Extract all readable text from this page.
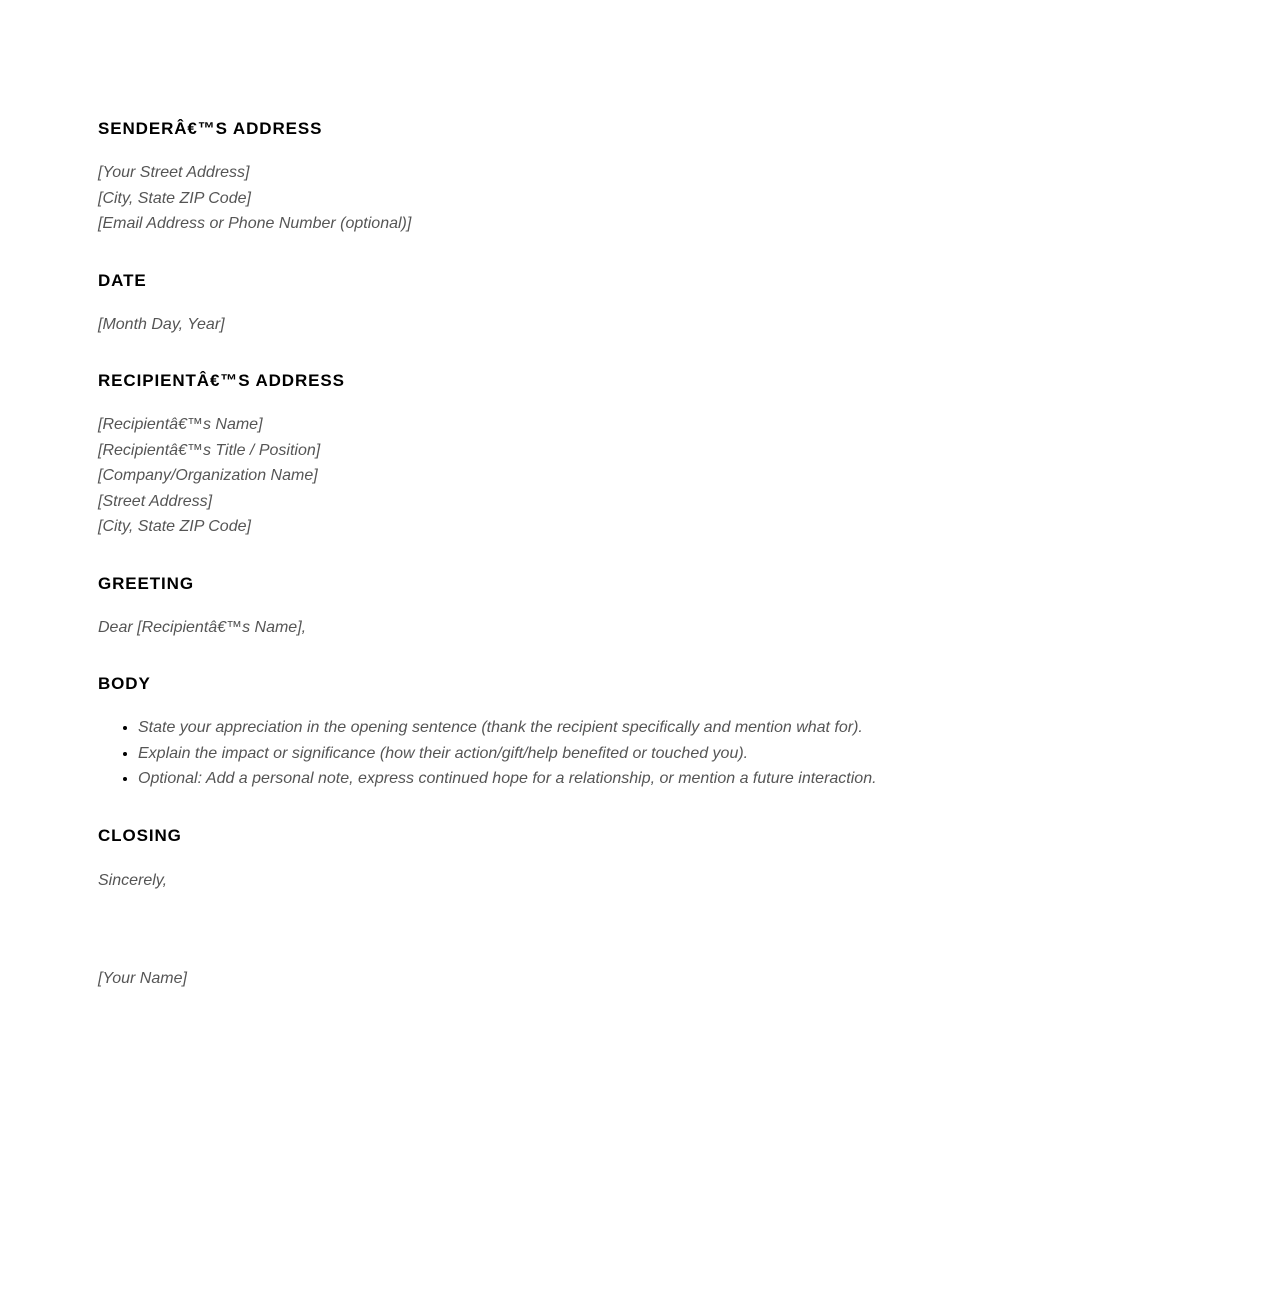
SENDERÂ€™S ADDRESS
[Your Street Address]
[City, State ZIP Code]
[Email Address or Phone Number (optional)]
DATE
[Month Day, Year]
RECIPIENTÂ€™S ADDRESS
[Recipientâ€™s Name]
[Recipientâ€™s Title / Position]
[Company/Organization Name]
[Street Address]
[City, State ZIP Code]
GREETING
Dear [Recipientâ€™s Name],
BODY
• State your appreciation in the opening sentence (thank the recipient specifically and mention what for).
• Explain the impact or significance (how their action/gift/help benefited or touched you).
• Optional: Add a personal note, express continued hope for a relationship, or mention a future interaction.
CLOSING
Sincerely,
[Your Name]
